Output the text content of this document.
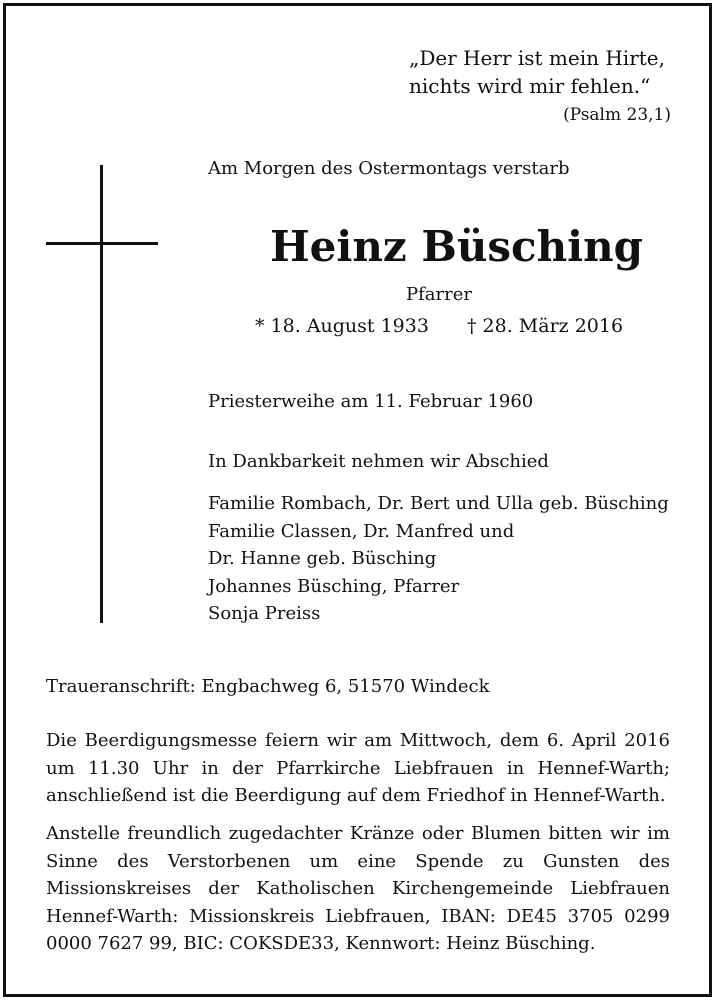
„Der Herr ist mein Hirte,
nichts wird mir fehlen.“
(Psalm 23,1)
Am Morgen des Ostermontags verstarb
Heinz Büsching
Pfarrer
* 18. August 1933 † 28. März 2016
Priesterweihe am 11. Februar 1960
In Dankbarkeit nehmen wir Abschied
Familie Rombach, Dr. Bert und Ulla geb. Büsching
Familie Classen, Dr. Manfred und
Dr. Hanne geb. Büsching
Johannes Büsching, Pfarrer
Sonja Preiss
Traueranschrift: Engbachweg 6, 51570 Windeck

Die Beerdigungsmesse feiern wir am Mittwoch, dem 6. April 2016 um 11.30 Uhr in der Pfarrkirche Liebfrauen in Hennef-Warth; anschließend ist die Beerdigung auf dem Friedhof in Hennef-Warth.

Anstelle freundlich zugedachter Kränze oder Blumen bitten wir im Sinne des Verstorbenen um eine Spende zu Gunsten des Missionskreises der Katholischen Kirchengemeinde Liebfrauen Hennef-Warth: Missionskreis Liebfrauen, IBAN: DE45 3705 0299 0000 7627 99, BIC: COKSDE33, Kennwort: Heinz Büsching.
